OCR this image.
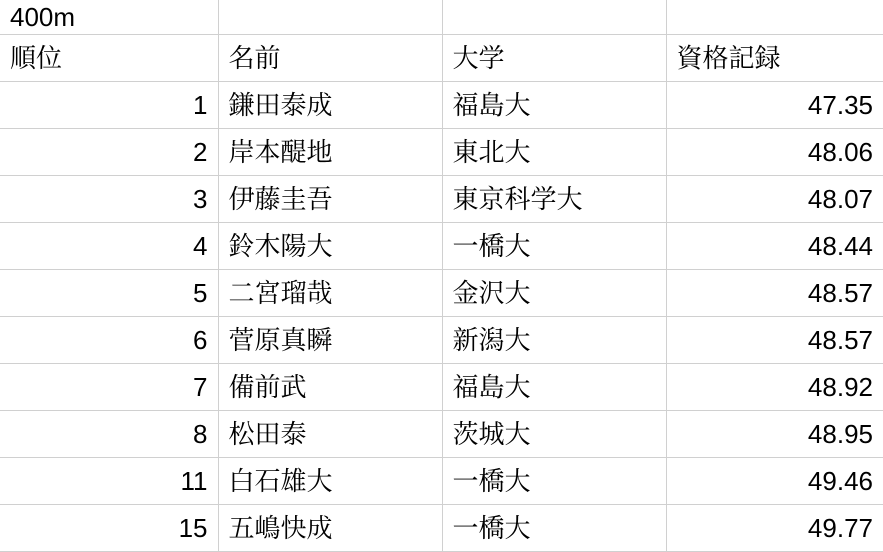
400m			
順位	名前	大学	資格記録
1	鎌田泰成	福島大	47.35
2	岸本醍地	東北大	48.06
3	伊藤圭吾	東京科学大	48.07
4	鈴木陽大	一橋大	48.44
5	二宮瑠哉	金沢大	48.57
6	菅原真瞬	新潟大	48.57
7	備前武	福島大	48.92
8	松田泰	茨城大	48.95
11	白石雄大	一橋大	49.46
15	五嶋快成	一橋大	49.77
